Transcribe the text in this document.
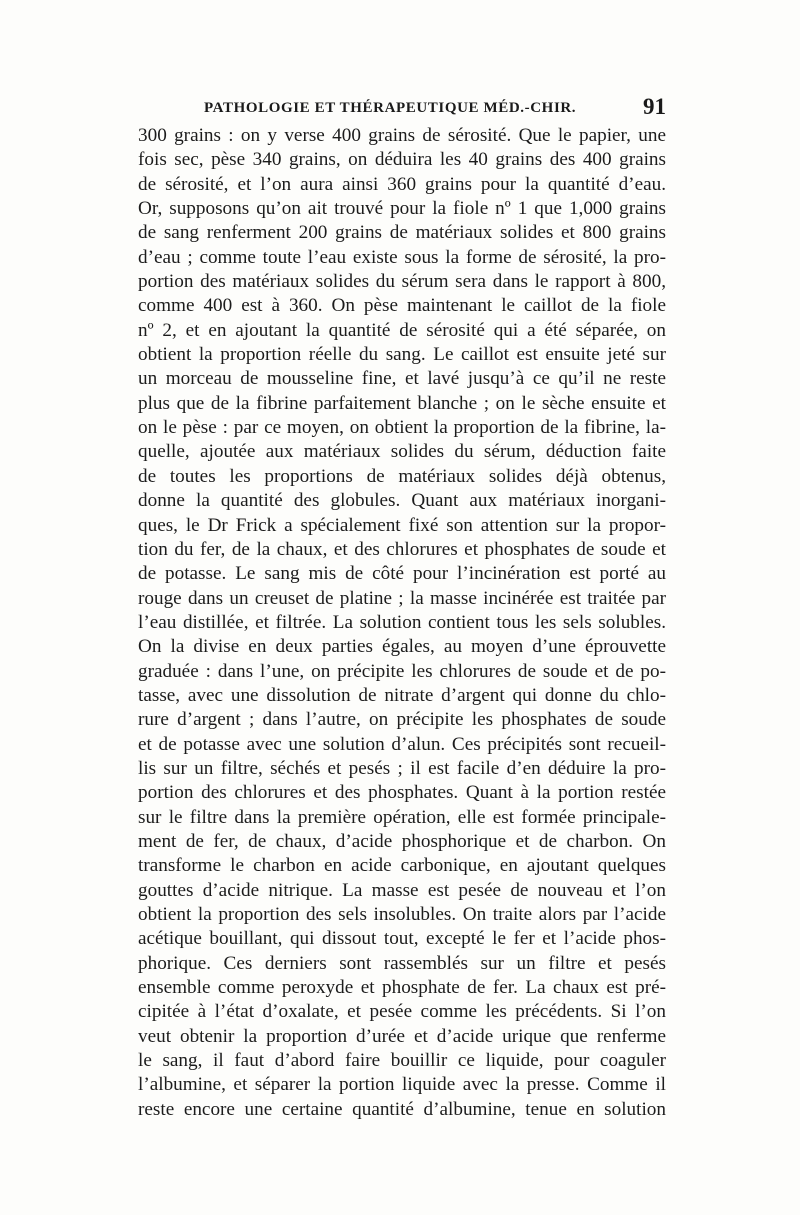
PATHOLOGIE ET THÉRAPEUTIQUE MÉD.-CHIR.	91
300 grains : on y verse 400 grains de sérosité. Que le papier, une
fois sec, pèse 340 grains, on déduira les 40 grains des 400 grains
de sérosité, et l’on aura ainsi 360 grains pour la quantité d’eau.
Or, supposons qu’on ait trouvé pour la fiole nº 1 que 1,000 grains
de sang renferment 200 grains de matériaux solides et 800 grains
d’eau ; comme toute l’eau existe sous la forme de sérosité, la pro-
portion des matériaux solides du sérum sera dans le rapport à 800,
comme 400 est à 360. On pèse maintenant le caillot de la fiole
nº 2, et en ajoutant la quantité de sérosité qui a été séparée, on
obtient la proportion réelle du sang. Le caillot est ensuite jeté sur
un morceau de mousseline fine, et lavé jusqu’à ce qu’il ne reste
plus que de la fibrine parfaitement blanche ; on le sèche ensuite et
on le pèse : par ce moyen, on obtient la proportion de la fibrine, la-
quelle, ajoutée aux matériaux solides du sérum, déduction faite
de toutes les proportions de matériaux solides déjà obtenus,
donne la quantité des globules. Quant aux matériaux inorgani-
ques, le Dr Frick a spécialement fixé son attention sur la propor-
tion du fer, de la chaux, et des chlorures et phosphates de soude et
de potasse. Le sang mis de côté pour l’incinération est porté au
rouge dans un creuset de platine ; la masse incinérée est traitée par
l’eau distillée, et filtrée. La solution contient tous les sels solubles.
On la divise en deux parties égales, au moyen d’une éprouvette
graduée : dans l’une, on précipite les chlorures de soude et de po-
tasse, avec une dissolution de nitrate d’argent qui donne du chlo-
rure d’argent ; dans l’autre, on précipite les phosphates de soude
et de potasse avec une solution d’alun. Ces précipités sont recueil-
lis sur un filtre, séchés et pesés ; il est facile d’en déduire la pro-
portion des chlorures et des phosphates. Quant à la portion restée
sur le filtre dans la première opération, elle est formée principale-
ment de fer, de chaux, d’acide phosphorique et de charbon. On
transforme le charbon en acide carbonique, en ajoutant quelques
gouttes d’acide nitrique. La masse est pesée de nouveau et l’on
obtient la proportion des sels insolubles. On traite alors par l’acide
acétique bouillant, qui dissout tout, excepté le fer et l’acide phos-
phorique. Ces derniers sont rassemblés sur un filtre et pesés
ensemble comme peroxyde et phosphate de fer. La chaux est pré-
cipitée à l’état d’oxalate, et pesée comme les précédents. Si l’on
veut obtenir la proportion d’urée et d’acide urique que renferme
le sang, il faut d’abord faire bouillir ce liquide, pour coaguler
l’albumine, et séparer la portion liquide avec la presse. Comme il
reste encore une certaine quantité d’albumine, tenue en solution
